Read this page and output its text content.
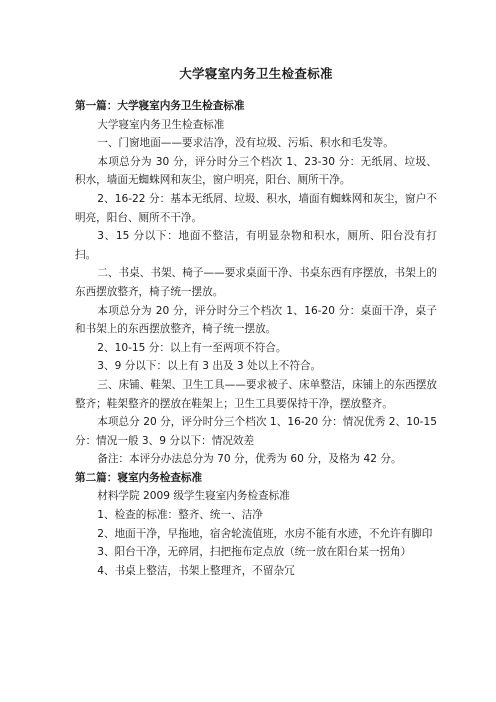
大学寝室内务卫生检查标准

第一篇：大学寝室内务卫生检查标准

大学寝室内务卫生检查标准

一、门窗地面——要求洁净，没有垃圾、污垢、积水和毛发等。

本项总分为 30 分，评分时分三个档次 1、23-30 分：无纸屑、垃圾、积水，墙面无蜘蛛网和灰尘，窗户明亮，阳台、厕所干净。

2、16-22 分：基本无纸屑、垃圾、积水，墙面有蜘蛛网和灰尘，窗户不明亮，阳台、厕所不干净。

3、15 分以下：地面不整洁，有明显杂物和积水，厕所、阳台没有打扫。

二、书桌、书架、椅子——要求桌面干净、书桌东西有序摆放，书架上的东西摆放整齐，椅子统一摆放。

本项总分为 20 分，评分时分三个档次 1、16-20 分：桌面干净，桌子和书架上的东西摆放整齐，椅子统一摆放。

2、10-15 分：以上有一至两项不符合。

3、9 分以下：以上有 3 出及 3 处以上不符合。

三、床铺、鞋架、卫生工具——要求被子、床单整洁，床铺上的东西摆放整齐；鞋架整齐的摆放在鞋架上；卫生工具要保持干净，摆放整齐。

本项总分 20 分，评分时分三个档次 1、16-20 分：情况优秀 2、10-15 分：情况一般 3、9 分以下：情况效差

备注：本评分办法总分为 70 分，优秀为 60 分，及格为 42 分。

第二篇：寝室内务检查标准

材料学院 2009 级学生寝室内务检查标准

1、检查的标准：整齐、统一、洁净

2、地面干净，早拖地，宿舍轮流值班，水房不能有水迹，不允许有脚印

3、阳台干净，无碎屑，扫把拖布定点放（统一放在阳台某一拐角）

4、书桌上整洁，书架上整理齐，不留杂冗
